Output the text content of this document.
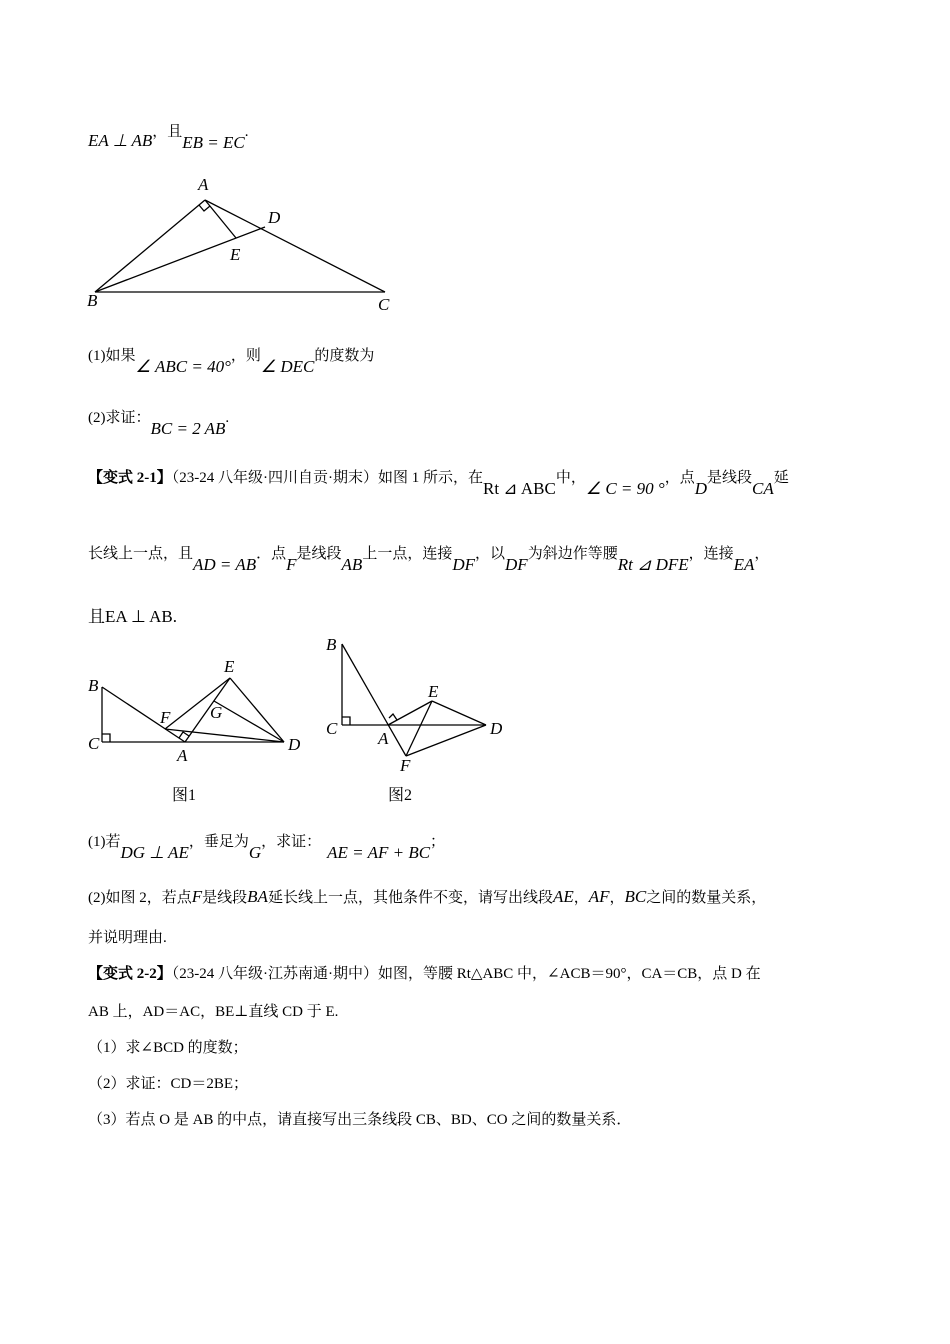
EA ⊥ AB，且EB = EC.
A
D
E
B	C
(1)如果∠ ABC = 40°，则∠ DEC的度数为
(2)求证：BC = 2 AB.
【变式 2-1】（23-24 八年级·四川自贡·期末）如图 1 所示，在Rt ⊿ ABC中，∠ C = 90 °，点D是线段CA延
长线上一点，且AD = AB．点F是线段AB上一点，连接DF，以DF为斜边作等腰Rt ⊿ DFE，连接EA，
且EA ⊥ AB.
B
C
A
D
E
F G
图1
B
C
A
D
E
F
图2
(1)若DG ⊥ AE，垂足为G，求证：AE = AF + BC；
(2)如图 2，若点F是线段BA延长线上一点，其他条件不变，请写出线段AE，AF，BC之间的数量关系，
并说明理由.
【变式 2-2】（23-24 八年级·江苏南通·期中）如图，等腰 Rt△ABC 中，∠ACB＝90°，CA＝CB，点 D 在
AB 上，AD＝AC，BE⊥直线 CD 于 E.
（1）求∠BCD 的度数；
（2）求证：CD＝2BE；
（3）若点 O 是 AB 的中点，请直接写出三条线段 CB、BD、CO 之间的数量关系．
